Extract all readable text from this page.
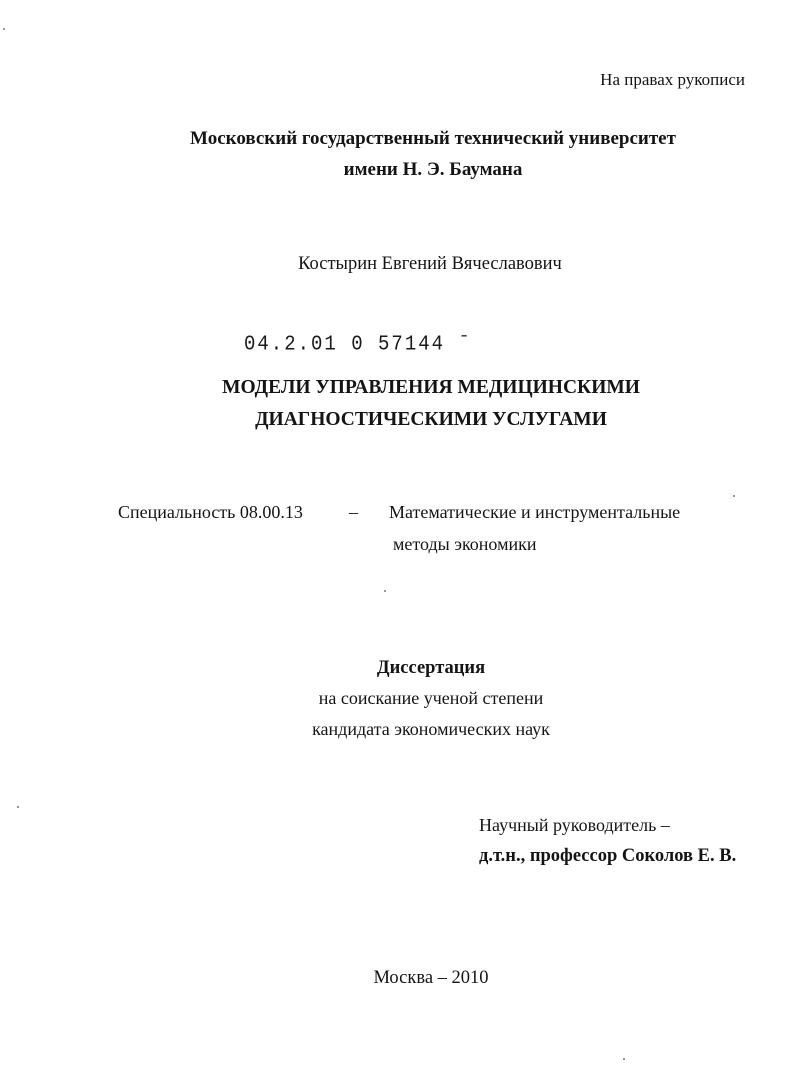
На правах рукописи
Московский государственный технический университет
имени Н. Э. Баумана
Костырин Евгений Вячеславович
04.2.01 0 57144 ˉ
МОДЕЛИ УПРАВЛЕНИЯ МЕДИЦИНСКИМИ
ДИАГНОСТИЧЕСКИМИ УСЛУГАМИ
Специальность 08.00.13	– Математические и инструментальные
методы экономики
Диссертация
на соискание ученой степени
кандидата экономических наук
Научный руководитель –
д.т.н., профессор Соколов Е. В.
Москва – 2010
